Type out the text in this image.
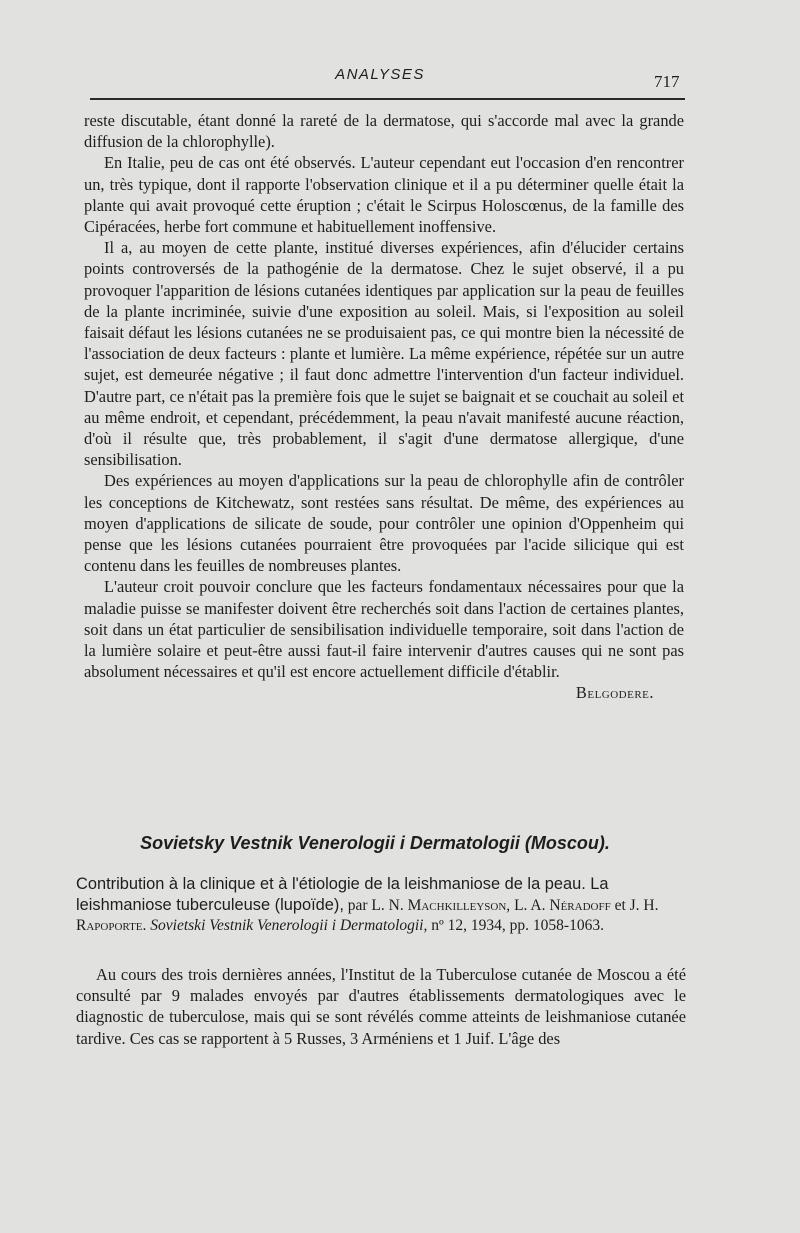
ANALYSES	717

reste discutable, étant donné la rareté de la dermatose, qui s'accorde mal avec la grande diffusion de la chlorophylle).

En Italie, peu de cas ont été observés. L'auteur cependant eut l'occasion d'en rencontrer un, très typique, dont il rapporte l'observation clinique et il a pu déterminer quelle était la plante qui avait provoqué cette éruption ; c'était le Scirpus Holoscœnus, de la famille des Cipéracées, herbe fort commune et habituellement inoffensive.

Il a, au moyen de cette plante, institué diverses expériences, afin d'élucider certains points controversés de la pathogénie de la dermatose. Chez le sujet observé, il a pu provoquer l'apparition de lésions cutanées identiques par application sur la peau de feuilles de la plante incriminée, suivie d'une exposition au soleil. Mais, si l'exposition au soleil faisait défaut les lésions cutanées ne se produisaient pas, ce qui montre bien la nécessité de l'association de deux facteurs : plante et lumière. La même expérience, répétée sur un autre sujet, est demeurée négative ; il faut donc admettre l'intervention d'un facteur individuel. D'autre part, ce n'était pas la première fois que le sujet se baignait et se couchait au soleil et au même endroit, et cependant, précédemment, la peau n'avait manifesté aucune réaction, d'où il résulte que, très probablement, il s'agit d'une dermatose allergique, d'une sensibilisation.

Des expériences au moyen d'applications sur la peau de chlorophylle afin de contrôler les conceptions de Kitchewatz, sont restées sans résultat. De même, des expériences au moyen d'applications de silicate de soude, pour contrôler une opinion d'Oppenheim qui pense que les lésions cutanées pourraient être provoquées par l'acide silicique qui est contenu dans les feuilles de nombreuses plantes.

L'auteur croit pouvoir conclure que les facteurs fondamentaux nécessaires pour que la maladie puisse se manifester doivent être recherchés soit dans l'action de certaines plantes, soit dans un état particulier de sensibilisation individuelle temporaire, soit dans l'action de la lumière solaire et peut-être aussi faut-il faire intervenir d'autres causes qui ne sont pas absolument nécessaires et qu'il est encore actuellement difficile d'établir.

Belgodere.
Sovietsky Vestnik Venerologii i Dermatologii (Moscou).
Contribution à la clinique et à l'étiologie de la leishmaniose de la peau. La leishmaniose tuberculeuse (lupoïde), par L. N. Machkilleyson, L. A. Néradoff et J. H. Rapoporte. Sovietski Vestnik Venerologii i Dermatologii, nº 12, 1934, pp. 1058-1063.

Au cours des trois dernières années, l'Institut de la Tuberculose cutanée de Moscou a été consulté par 9 malades envoyés par d'autres établissements dermatologiques avec le diagnostic de tuberculose, mais qui se sont révélés comme atteints de leishmaniose cutanée tardive. Ces cas se rapportent à 5 Russes, 3 Arméniens et 1 Juif. L'âge des
